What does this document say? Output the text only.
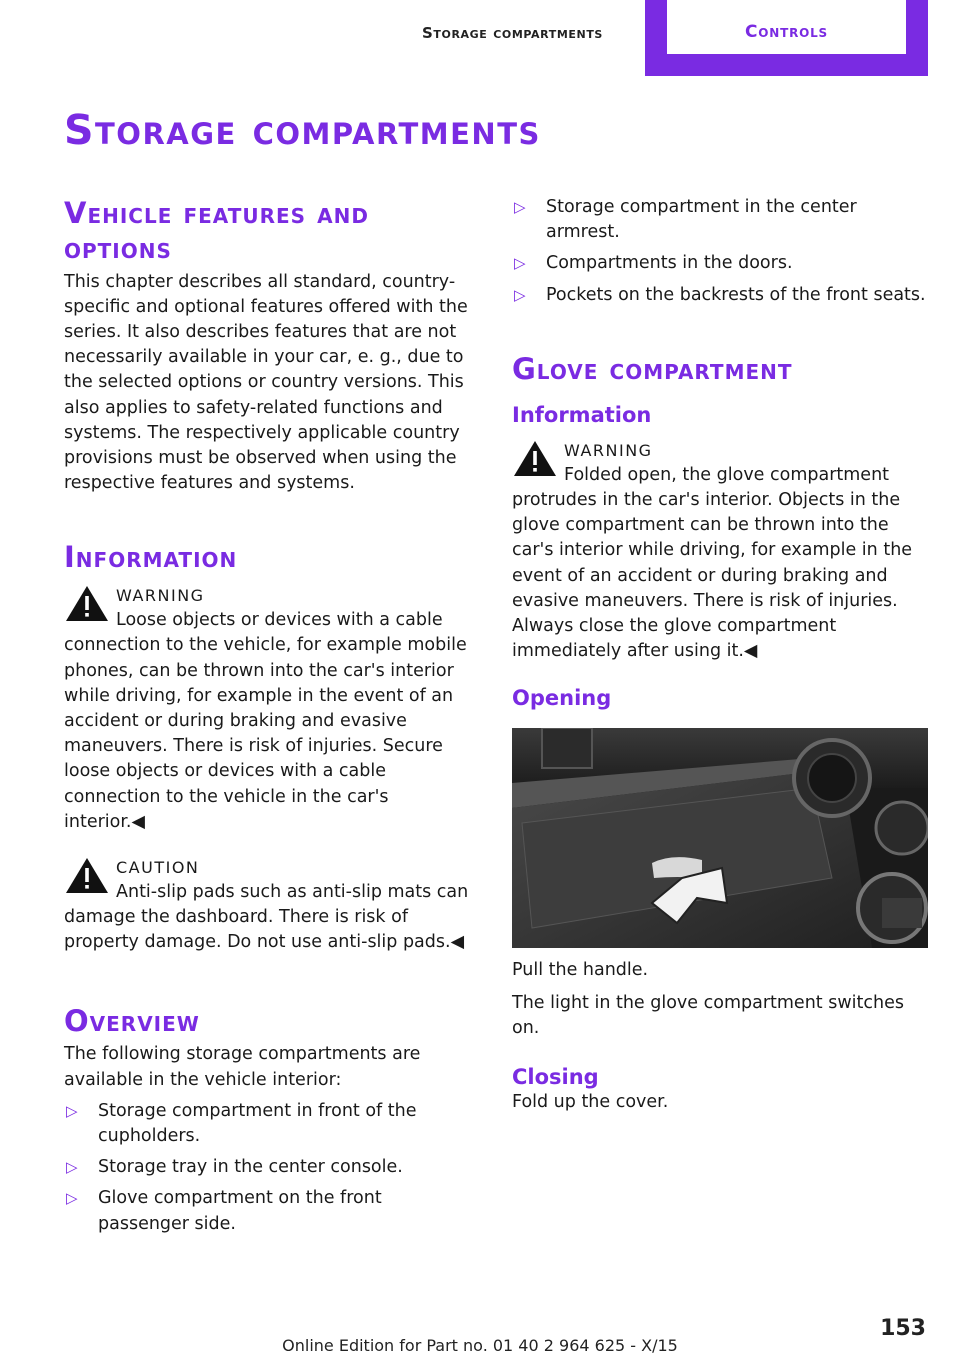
Storage compartments	Controls
Storage compartments
Vehicle features and options

This chapter describes all standard, country-specific and optional features offered with the series. It also describes features that are not necessarily available in your car, e. g., due to the selected options or country versions. This also applies to safety-related functions and systems. The respectively applicable country provisions must be observed when using the respective features and systems.

Information
WARNING

Loose objects or devices with a cable connection to the vehicle, for example mobile phones, can be thrown into the car's interior while driving, for example in the event of an accident or during braking and evasive maneuvers. There is risk of injuries. Secure loose objects or devices with a cable connection to the vehicle in the car's interior.◀

CAUTION

Anti-slip pads such as anti-slip mats can damage the dashboard. There is risk of property damage. Do not use anti-slip pads.◀

Overview

The following storage compartments are available in the vehicle interior:

▷ Storage compartment in front of the cupholders.
▷ Storage tray in the center console.
▷ Glove compartment on the front passenger side.
▷ Storage compartment in the center armrest.
▷ Compartments in the doors.
▷ Pockets on the backrests of the front seats.
Glove compartment
Information
WARNING

Folded open, the glove compartment protrudes in the car's interior. Objects in the glove compartment can be thrown into the car's interior while driving, for example in the event of an accident or during braking and evasive maneuvers. There is risk of injuries. Always close the glove compartment immediately after using it.◀

Opening

Pull the handle.

The light in the glove compartment switches on.

Closing

Fold up the cover.

Online Edition for Part no. 01 40 2 964 625 - X/15
153
